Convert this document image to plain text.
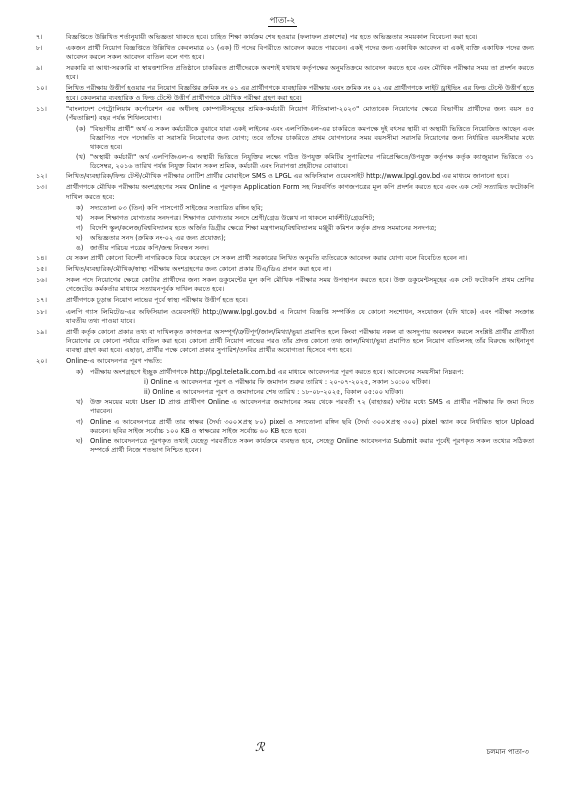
পাতা-২
৭।	বিজ্ঞপ্তিতে উল্লিখিত শর্তানুযায়ী অভিজ্ঞতা থাকতে হবে। চাহিত শিক্ষা কার্যক্রম শেষ হওয়ার (ফলাফল প্রকাশের) পর হতে অভিজ্ঞতার সময়কাল বিবেচনা করা হবে।
৮।	একজন প্রার্থী নিয়োগ বিজ্ঞপ্তিতে উল্লিখিত কেবলমাত্র ০১ (এক) টি পদের বিপরীতে আবেদন করতে পারবেন। একই পদের জন্য একাধিক আবেদন বা একই ব্যক্তি একাধিক পদের জন্য আবেদন করলে সকল আবেদন বাতিল বলে গণ্য হবে।
৯।	সরকারি বা আধা-সরকারি বা স্বায়ত্তশাসিত প্রতিষ্ঠানে চাকরিরত প্রার্থীদেরকে অবশ্যই যথাযথ কর্তৃপক্ষের অনুমতিক্রমে আবেদন করতে হবে এবং মৌখিক পরীক্ষার সময় তা প্রদর্শন করতে হবে।
১০।	লিখিত পরীক্ষায় উত্তীর্ণ হওয়ার পর নিয়োগ বিজ্ঞপ্তির ক্রমিক নং ০১ এর প্রার্থীগণকে ব্যবহারিক পরীক্ষায় এবং ক্রমিক নং ০২ এর প্রার্থীগণকে লাইট ড্রাইভিং এর ফিল্ড টেস্টে উত্তীর্ণ হতে হবে। কেবলমাত্র ব্যবহারিক ও ফিল্ড টেস্টে উত্তীর্ণ প্রার্থীগণকে মৌখিক পরীক্ষা গ্রহণ করা হবে।
১১।	"বাংলাদেশ পেট্রোলিয়াম কর্পোরেশন এর অধীনস্থ কোম্পানীসমূহের শ্রমিক-কর্মচারী নিয়োগ নীতিমালা-২০২৩" মোতাবেক নিয়োগের ক্ষেত্রে বিভাগীয় প্রার্থীদের জন্য বয়স ৪৫ (পঁয়তাল্লিশ) বছর পর্যন্ত শিথিলযোগ্য।
(ক) "বিভাগীয় প্রার্থী" অর্থ এ সকল কর্মচারীকে বুঝাবে যারা একই লাইনের এবং এলপিজিএল-এর চাকরিতে কমপক্ষে দুই বৎসর স্থায়ী বা অস্থায়ী ভিত্তিতে নিয়োজিত আছেন এবং বিজ্ঞাপিত পদে পদোন্নতি বা সরাসরি নিয়োগের জন্য যোগ্য; তবে তাঁদের চাকরিতে প্রথম যোগদানের সময় বয়সসীমা সরাসরি নিয়োগের জন্য নির্ধারিত বয়সসীমার মধ্যে থাকতে হবে।
(খ) "অস্থায়ী কর্মচারী" অর্থ এলপিজিএল-এ অস্থায়ী ভিত্তিতে নিযুক্তির লক্ষ্যে গঠিত উপযুক্ত কমিটির সুপারিশের পরিপ্রেক্ষিতে/উপযুক্ত কর্তৃপক্ষ কর্তৃক ক্যাজুয়াল ভিত্তিতে ৩১ ডিসেম্বর, ২০১৬ তারিখ পর্যন্ত নিযুক্ত বিমান সকল শ্রমিক, কর্মচারী এবং নিরাপত্তা প্রহরীদের বোঝাবে।
১২।	লিখিত/ব্যবহারিক/ফিল্ড টেস্ট/মৌখিক পরীক্ষার নোটিশ প্রার্থীর মোবাইলে SMS ও LPGL এর অফিসিয়াল ওয়েবসাইট http://www.lpgl.gov.bd এর মাধ্যমে জানানো হবে।
১৩।	প্রার্থীগণকে মৌখিক পরীক্ষায় অংশগ্রহণের সময় Online এ পূরণকৃত Application Form সহ নিম্নবর্ণিত কাগজপত্রের মূল কপি প্রদর্শন করতে হবে এবং এক সেট সত্যায়িত ফটোকপি দাখিল করতে হবে:
ক)	সদ্যতোলা ০৩ (তিন) কপি পাসপোর্ট সাইজের সত্যায়িত রঙ্গিন ছবি;
খ)	সকল শিক্ষাগত যোগ্যতার সনদপত্র। শিক্ষাগত যোগ্যতার সনদে শ্রেণী/গ্রেড উল্লেখ না থাকলে মার্কশীট/গ্রেডশিট;
গ)	বিদেশি স্কুল/কলেজ/বিশ্ববিদ্যালয় হতে অর্জিত ডিগ্রীর ক্ষেত্রে শিক্ষা মন্ত্রণালয়/বিশ্ববিদ্যালয় মঞ্জুরী কমিশন কর্তৃক প্রদত্ত সমমানের সনদপত্র;
ঘ)	অভিজ্ঞতার সনদ (ক্রমিক নং-০২ এর জন্য প্রযোজ্য);
ঙ) জাতীয় পরিচয় পত্রের কপি/জন্ম নিবন্ধন সনদ।
১৪।	যে সকল প্রার্থী কোনো বিদেশী নাগরিককে বিয়ে করেছেন সে সকল প্রার্থী সরকারের লিখিত অনুমতি ব্যতিরেকে আবেদন করার যোগ্য বলে বিবেচিত হবেন না।
১৫।	লিখিত/ব্যবহারিক/মৌখিক/স্বাস্থ্য পরীক্ষায় অংশগ্রহণের জন্য কোনো প্রকার টিএ/ডিএ প্রদান করা হবে না।
১৬।	সকল পদে নিয়োগের ক্ষেত্রে কোটার প্রার্থীদের জন্য সকল ডকুমেন্টের মূল কপি মৌখিক পরীক্ষার সময় উপস্থাপন করতে হবে। উক্ত ডকুমেন্টসমূহের এক সেট ফটোকপি প্রথম শ্রেণির গেজেটেড কর্মকর্তার মাধ্যমে সত্যায়নপূর্বক দাখিল করতে হবে।
১৭।	প্রার্থীগণকে চূড়ান্ত নিয়োগ লাভের পূর্বে স্বাস্থ্য পরীক্ষায় উত্তীর্ণ হতে হবে।
১৮।	এলপি গ্যাস লিমিটেড-এর অফিসিয়াল ওয়েবসাইট http://www.lpgl.gov.bd এ নিয়োগ বিজ্ঞপ্তি সম্পর্কিত যে কোনো সংশোধন, সংযোজন (যদি থাকে) এবং পরীক্ষা সংক্রান্ত যাবতীয় তথ্য পাওয়া যাবে।
১৯।	প্রার্থী কর্তৃক কোনো প্রকার তথ্য বা দাখিলকৃত কাগজপত্র অসম্পূর্ণ/ত্রুটিপূর্ণ/জাল/মিথ্যা/ভুয়া প্রমাণিত হলে কিংবা পরীক্ষায় নকল বা অসদুপায় অবলম্বন করলে সংশ্লিষ্ট প্রার্থীর প্রার্থীতা নিয়োগের যে কোনো পর্যায়ে বাতিল করা হবে। কোনো প্রার্থী নিয়োগ লাভের পরও তাঁর প্রদত্ত কোনো তথ্য জাল/মিথ্যা/ভুয়া প্রমাণিত হলে নিয়োগ বাতিলসহ তাঁর বিরুদ্ধে আইনানুগ ব্যবস্থা গ্রহণ করা হবে। এছাড়া, প্রার্থীর পক্ষে কোনো প্রকার সুপারিশ/তদবির প্রার্থীর অযোগ্যতা হিসেবে গণ্য হবে।
২০।	Online-এ আবেদনপত্র পূরণ পদ্ধতি:
ক)	পরীক্ষায় অংশগ্রহণে ইচ্ছুক প্রার্থীগণকে http://lpgl.teletalk.com.bd এর মাধ্যমে আবেদনপত্র পূরণ করতে হবে। আবেদনের সময়সীমা নিম্নরূপ:
i) Online এ আবেদনপত্র পূরণ ও পরীক্ষার ফি জমাদান শুরুর তারিখ : ২০-০৭-২০২৫, সকাল ১০:০০ ঘটিকা।
ii) Online এ আবেদনপত্র পূরণ ও জমাদানের শেষ তারিখ : ১৮-০৮-২০২৫, বিকাল ০৫:০০ ঘটিকা।
খ)	উক্ত সময়ের মধ্যে User ID প্রাপ্ত প্রার্থীগণ Online এ আবেদনপত্র জমাদানের সময় থেকে পরবর্তী ৭২ (বাহাত্তর) ঘন্টার মধ্যে SMS এ প্রার্থীর পরীক্ষার ফি জমা দিতে পারবেন।
গ)	Online এ আবেদনপত্রে প্রার্থী তার স্বাক্ষর (দৈর্ঘ্য ৩০০×প্রস্থ ৮০) pixel ও সদ্যতোলা রঙ্গিন ছবি (দৈর্ঘ্য ৩০০×প্রস্থ ৩০০) pixel স্ক্যান করে নির্ধারিত স্থানে Upload করবেন। ছবির সাইজ সর্বোচ্চ ১০০ KB ও স্বাক্ষরের সাইজ সর্বোচ্চ ৬০ KB হতে হবে।
ঘ)	Online আবেদনপত্রে পূরণকৃত তথ্যই যেহেতু পরবর্তীতে সকল কার্যক্রমে ব্যবহৃত হবে, সেহেতু Online আবেদনপত্র Submit করার পূর্বেই পূরণকৃত সকল তথ্যের সঠিকতা সম্পর্কে প্রার্থী নিজে শতভাগ নিশ্চিত হবেন।
ℛ	চলমান পাতা-৩
